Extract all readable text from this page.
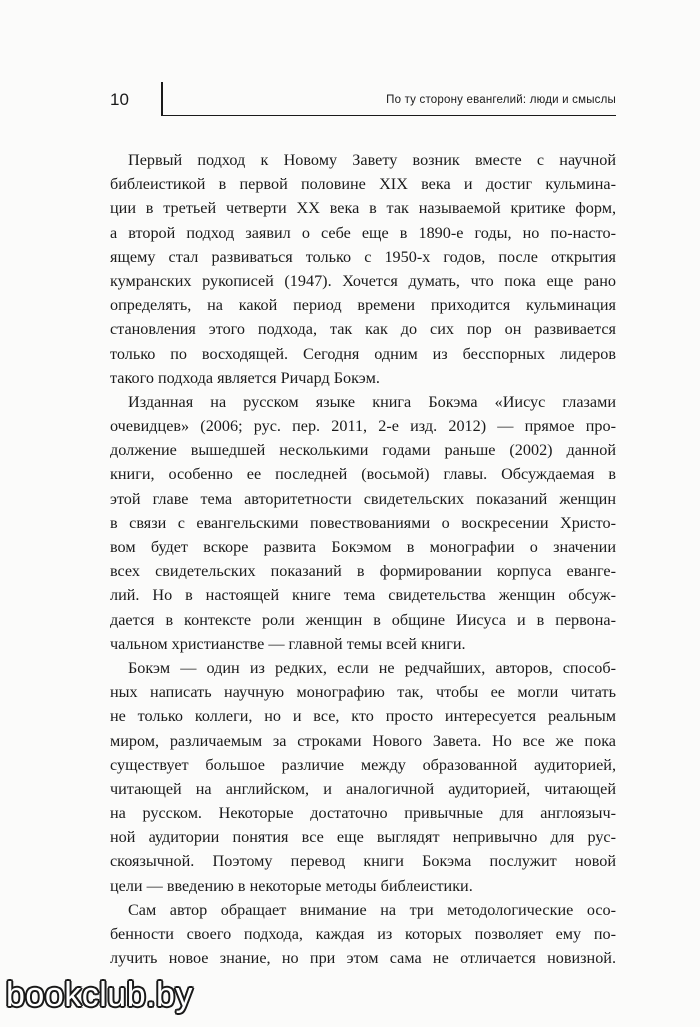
10	По ту сторону евангелий: люди и смыслы
Первый подход к Новому Завету возник вместе с научной
библеистикой в первой половине XIX века и достиг кульмина-
ции в третьей четверти XX века в так называемой критике форм,
а второй подход заявил о себе еще в 1890-е годы, но по-насто-
ящему стал развиваться только с 1950-х годов, после открытия
кумранских рукописей (1947). Хочется думать, что пока еще рано
определять, на какой период времени приходится кульминация
становления этого подхода, так как до сих пор он развивается
только по восходящей. Сегодня одним из бесспорных лидеров
такого подхода является Ричард Бокэм.
Изданная на русском языке книга Бокэма «Иисус глазами
очевидцев» (2006; рус. пер. 2011, 2-е изд. 2012) — прямое про-
должение вышедшей несколькими годами раньше (2002) данной
книги, особенно ее последней (восьмой) главы. Обсуждаемая в
этой главе тема авторитетности свидетельских показаний женщин
в связи с евангельскими повествованиями о воскресении Христо-
вом будет вскоре развита Бокэмом в монографии о значении
всех свидетельских показаний в формировании корпуса еванге-
лий. Но в настоящей книге тема свидетельства женщин обсуж-
дается в контексте роли женщин в общине Иисуса и в первона-
чальном христианстве — главной темы всей книги.
Бокэм — один из редких, если не редчайших, авторов, способ-
ных написать научную монографию так, чтобы ее могли читать
не только коллеги, но и все, кто просто интересуется реальным
миром, различаемым за строками Нового Завета. Но все же пока
существует большое различие между образованной аудиторией,
читающей на английском, и аналогичной аудиторией, читающей
на русском. Некоторые достаточно привычные для англоязыч-
ной аудитории понятия все еще выглядят непривычно для рус-
скоязычной. Поэтому перевод книги Бокэма послужит новой
цели — введению в некоторые методы библеистики.
Сам автор обращает внимание на три методологические осо-
бенности своего подхода, каждая из которых позволяет ему по-
лучить новое знание, но при этом сама не отличается новизной.
bookclub.by
